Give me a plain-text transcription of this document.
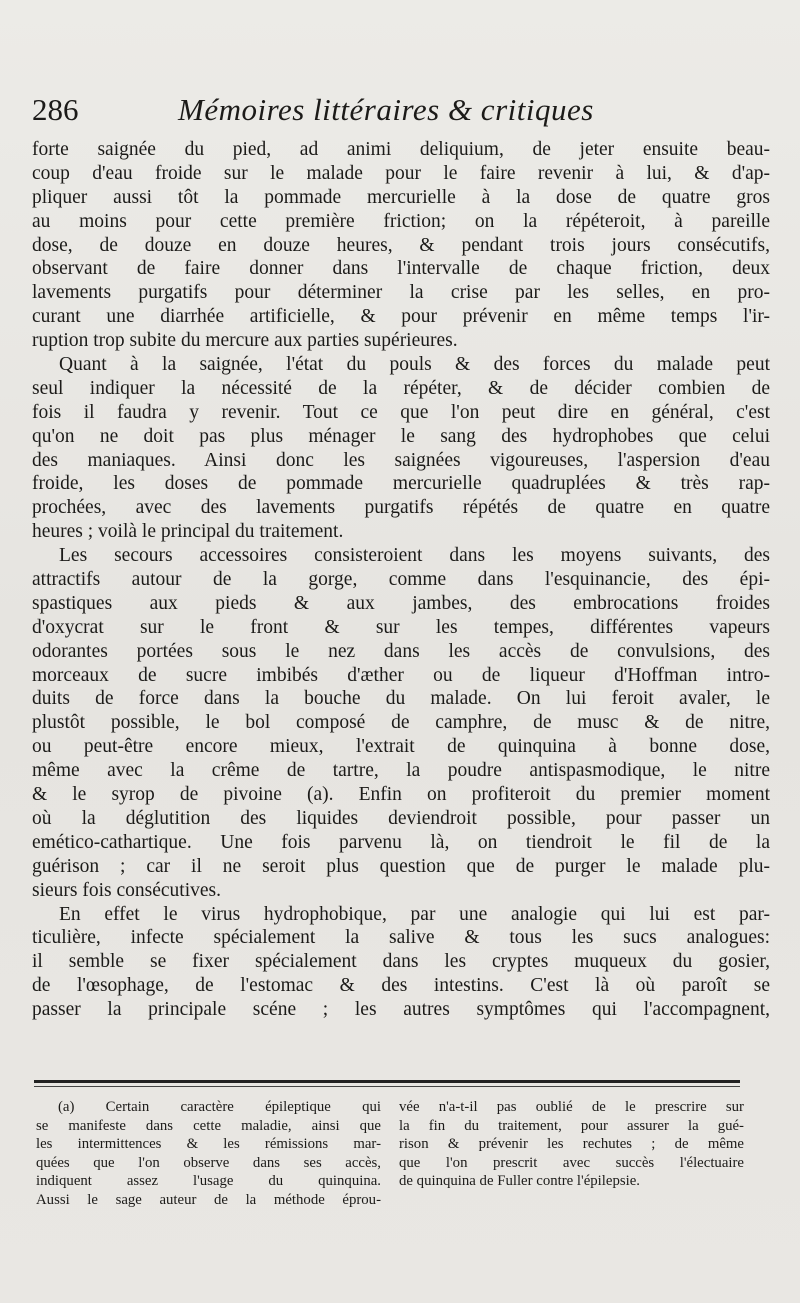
286	Mémoires littéraires & critiques
forte saignée du pied, ad animi deliquium, de jeter ensuite beau-
coup d'eau froide sur le malade pour le faire revenir à lui, & d'ap-
pliquer aussi tôt la pommade mercurielle à la dose de quatre gros
au moins pour cette première friction; on la répéteroit, à pareille
dose, de douze en douze heures, & pendant trois jours consécutifs,
observant de faire donner dans l'intervalle de chaque friction, deux
lavements purgatifs pour déterminer la crise par les selles, en pro-
curant une diarrhée artificielle, & pour prévenir en même temps l'ir-
ruption trop subite du mercure aux parties supérieures.
Quant à la saignée, l'état du pouls & des forces du malade peut
seul indiquer la nécessité de la répéter, & de décider combien de
fois il faudra y revenir. Tout ce que l'on peut dire en général, c'est
qu'on ne doit pas plus ménager le sang des hydrophobes que celui
des maniaques. Ainsi donc les saignées vigoureuses, l'aspersion d'eau
froide, les doses de pommade mercurielle quadruplées & très rap-
prochées, avec des lavements purgatifs répétés de quatre en quatre
heures ; voilà le principal du traitement.
Les secours accessoires consisteroient dans les moyens suivants, des
attractifs autour de la gorge, comme dans l'esquinancie, des épi-
spastiques aux pieds & aux jambes, des embrocations froides
d'oxycrat sur le front & sur les tempes, différentes vapeurs
odorantes portées sous le nez dans les accès de convulsions, des
morceaux de sucre imbibés d'æther ou de liqueur d'Hoffman intro-
duits de force dans la bouche du malade. On lui feroit avaler, le
plustôt possible, le bol composé de camphre, de musc & de nitre,
ou peut-être encore mieux, l'extrait de quinquina à bonne dose,
même avec la crême de tartre, la poudre antispasmodique, le nitre
& le syrop de pivoine (a). Enfin on profiteroit du premier moment
où la déglutition des liquides deviendroit possible, pour passer un
emético-cathartique. Une fois parvenu là, on tiendroit le fil de la
guérison ; car il ne seroit plus question que de purger le malade plu-
sieurs fois consécutives.
En effet le virus hydrophobique, par une analogie qui lui est par-
ticulière, infecte spécialement la salive & tous les sucs analogues:
il semble se fixer spécialement dans les cryptes muqueux du gosier,
de l'œsophage, de l'estomac & des intestins. C'est là où paroît se
passer la principale scéne ; les autres symptômes qui l'accompagnent,
(a) Certain caractère épileptique qui
se manifeste dans cette maladie, ainsi que
les intermittences & les rémissions mar-
quées que l'on observe dans ses accès,
indiquent assez l'usage du quinquina.
Aussi le sage auteur de la méthode éprou-
vée n'a-t-il pas oublié de le prescrire sur
la fin du traitement, pour assurer la gué-
rison & prévenir les rechutes ; de même
que l'on prescrit avec succès l'électuaire
de quinquina de Fuller contre l'épilepsie.
